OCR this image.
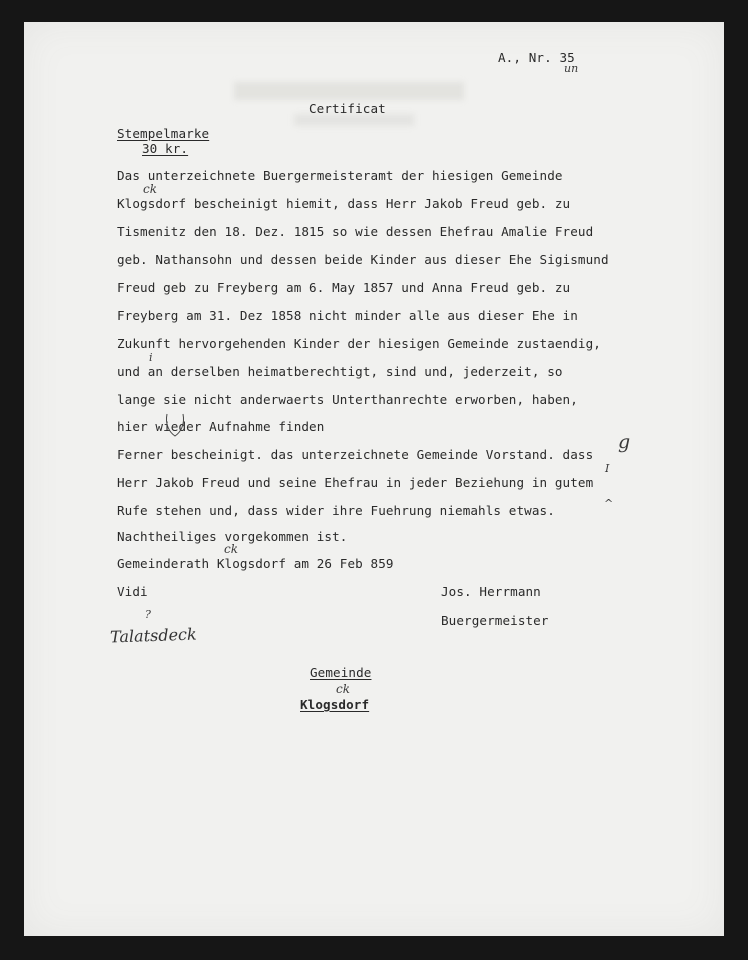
A., Nr. 35
un
Certificat
Stempelmarke
30 kr.
Das unterzeichnete Buergermeisteramt der hiesigen Gemeinde
Klogsdorf bescheinigt hiemit, dass Herr Jakob Freud geb. zu
Tismenitz den 18. Dez. 1815 so wie dessen Ehefrau Amalie Freud
geb. Nathansohn und dessen beide Kinder aus dieser Ehe Sigismund
Freud geb zu Freyberg am 6. May 1857 und Anna Freud geb. zu
Freyberg am 31. Dez 1858 nicht minder alle aus dieser Ehe in
Zukunft hervorgehenden Kinder der hiesigen Gemeinde zustaendig,
und an derselben heimatberechtigt, sind und, jederzeit, so
lange sie nicht anderwaerts Unterthanrechte erworben, haben,
hier wieder Aufnahme finden
Ferner bescheinigt. das unterzeichnete Gemeinde Vorstand. dass
Herr Jakob Freud und seine Ehefrau in jeder Beziehung in gutem
Rufe stehen und, dass wider ihre Fuehrung niemahls etwas.
Nachtheiliges vorgekommen ist.
Gemeinderath Klogsdorf am 26 Feb 859
ck
i
g
I
^
ck
Vidi	Jos. Herrmann
Buergermeister
?
Talatsdeck
Gemeinde
ck
Klogsdorf
